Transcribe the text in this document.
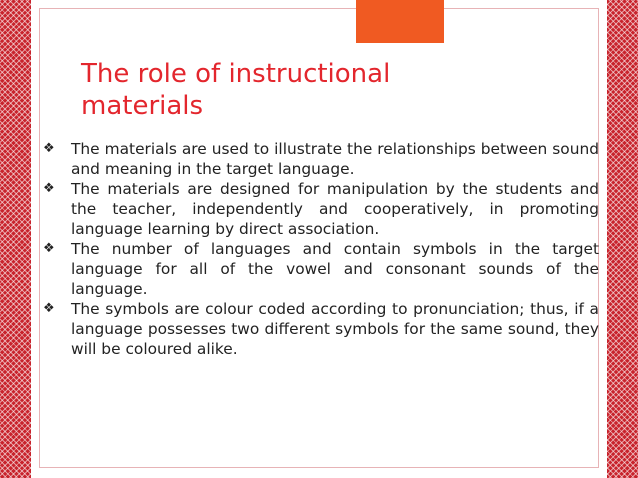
The role of instructional materials
❖	The materials are used to illustrate the relationships between sound and meaning in the target language.
❖	The materials are designed for manipulation by the students and the teacher, independently and cooperatively, in promoting language learning by direct association.
❖	The number of languages and contain symbols in the target language for all of the vowel and consonant sounds of the language.
❖	The symbols are colour coded according to pronunciation; thus, if a language possesses two different symbols for the same sound, they will be coloured alike.
